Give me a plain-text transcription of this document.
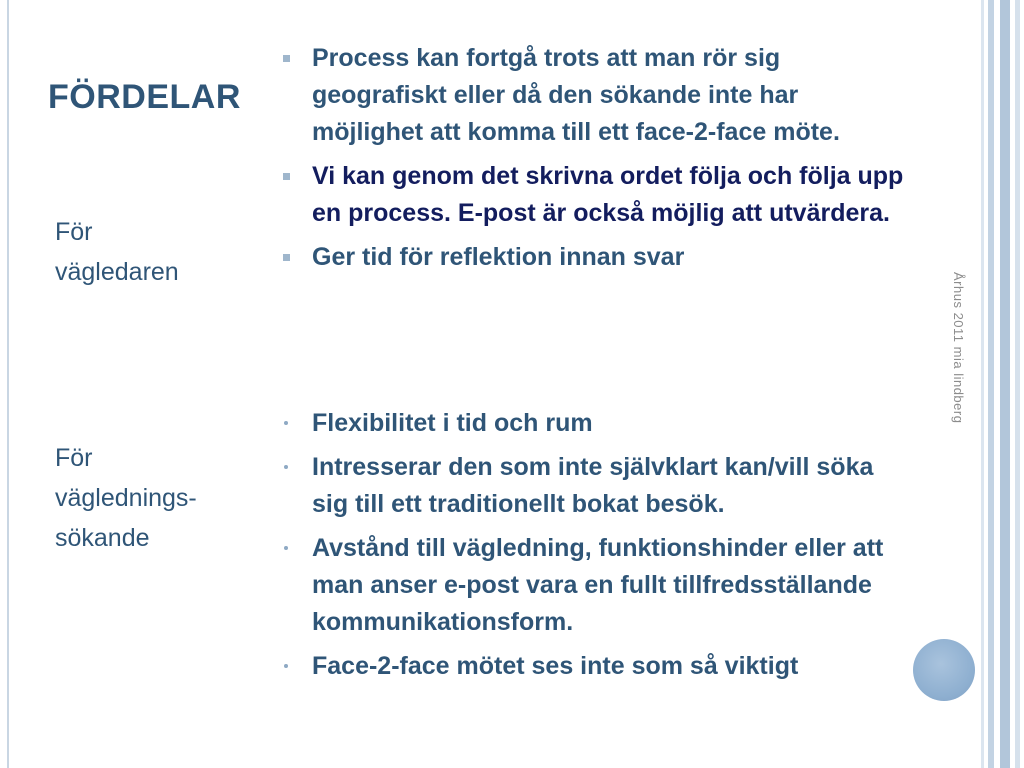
FÖRDELAR
För
vägledaren
För
väglednings-
sökande
Process kan fortgå trots att man rör sig geografiskt eller då den sökande inte har möjlighet att komma till ett face-2-face möte.
Vi kan genom det skrivna ordet följa och följa upp en process. E-post är också möjlig att utvärdera.
Ger tid för reflektion innan svar
Flexibilitet i tid och rum
Intresserar den som inte självklart kan/vill söka sig till ett traditionellt bokat besök.
Avstånd till vägledning, funktionshinder eller att man anser e-post vara en fullt tillfredsställande kommunikationsform.
Face-2-face mötet ses inte som så viktigt
Århus 2011 mia lindberg
